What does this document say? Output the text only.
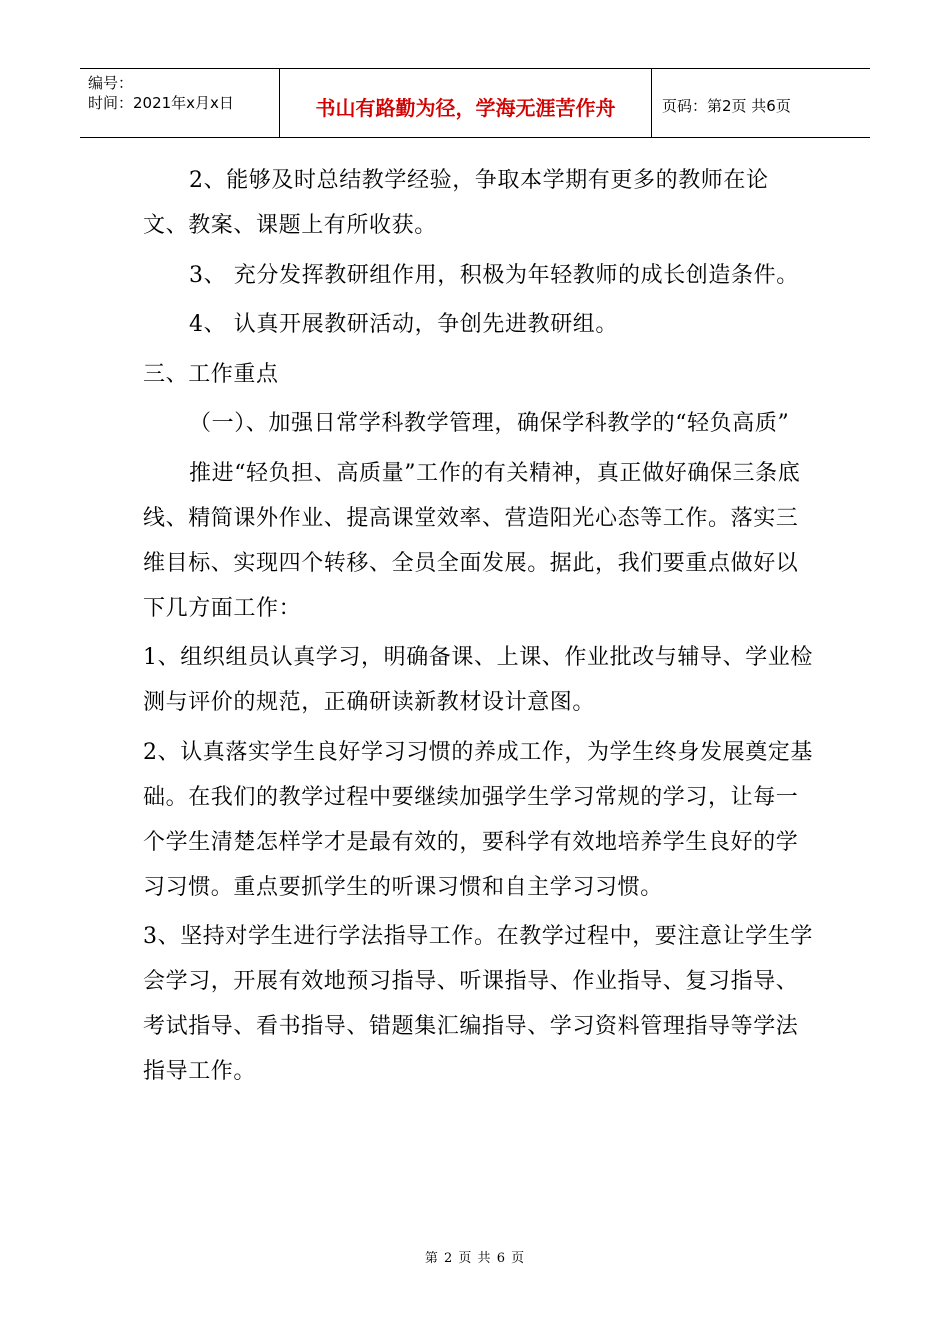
编号：
时间：2021年x月x日	书山有路勤为径，学海无涯苦作舟	页码：第2页 共6页

2、能够及时总结教学经验，争取本学期有更多的教师在论文、教案、课题上有所收获。

3、 充分发挥教研组作用，积极为年轻教师的成长创造条件。

4、 认真开展教研活动，争创先进教研组。

三、工作重点

（一）、加强日常学科教学管理，确保学科教学的“轻负高质”

推进“轻负担、高质量”工作的有关精神，真正做好确保三条底线、精简课外作业、提高课堂效率、营造阳光心态等工作。落实三维目标、实现四个转移、全员全面发展。据此，我们要重点做好以下几方面工作：

1、组织组员认真学习，明确备课、上课、作业批改与辅导、学业检测与评价的规范，正确研读新教材设计意图。

2、认真落实学生良好学习习惯的养成工作，为学生终身发展奠定基础。在我们的教学过程中要继续加强学生学习常规的学习，让每一个学生清楚怎样学才是最有效的，要科学有效地培养学生良好的学习习惯。重点要抓学生的听课习惯和自主学习习惯。

3、坚持对学生进行学法指导工作。在教学过程中，要注意让学生学会学习，开展有效地预习指导、听课指导、作业指导、复习指导、考试指导、看书指导、错题集汇编指导、学习资料管理指导等学法指导工作。

第 2 页 共 6 页
